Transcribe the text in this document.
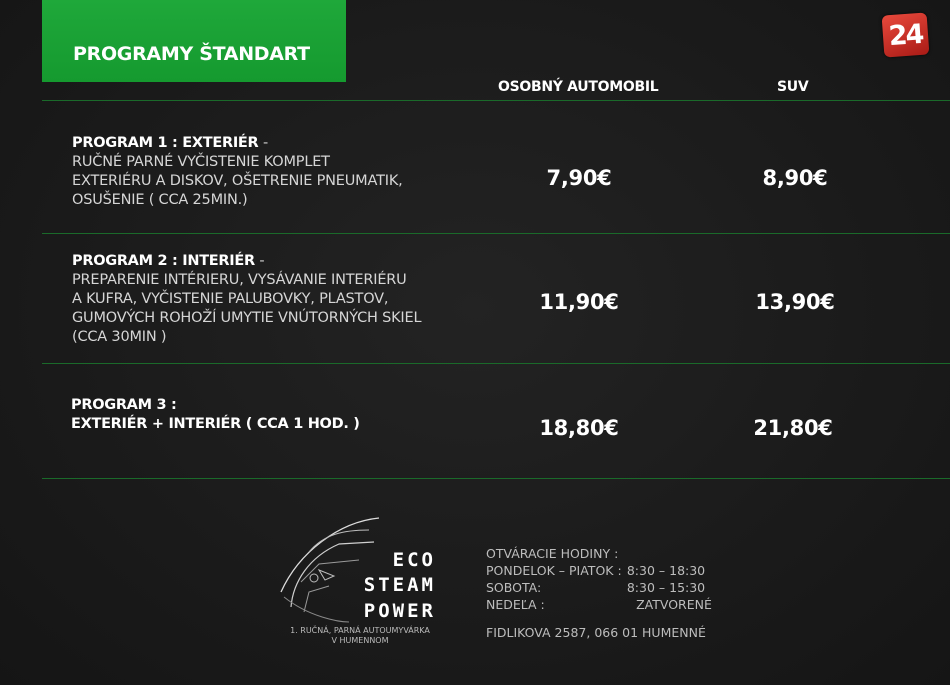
PROGRAMY ŠTANDART
24
OSOBNÝ AUTOMOBIL	SUV
PROGRAM 1 : EXTERIÉR -
RUČNÉ PARNÉ VYČISTENIE KOMPLET
EXTERIÉRU A DISKOV, OŠETRENIE PNEUMATIK,
OSUŠENIE ( CCA 25MIN.)
7,90€	8,90€
PROGRAM 2 : INTERIÉR -
PREPARENIE INTÉRIERU, VYSÁVANIE INTERIÉRU
A KUFRA, VYČISTENIE PALUBOVKY, PLASTOV,
GUMOVÝCH ROHOŽÍ UMYTIE VNÚTORNÝCH SKIEL
(CCA 30MIN )
11,90€	13,90€
PROGRAM 3 :
EXTERIÉR + INTERIÉR ( CCA 1 HOD. )	18,80€	21,80€
ECO
STEAM
POWER
1. RUČNÁ, PARNÁ AUTOUMYVÁRKA
V HUMENNOM
OTVÁRACIE HODINY :
PONDELOK – PIATOK : 8:30 – 18:30
SOBOTA:	8:30 – 15:30
NEDEĽA :	ZATVORENÉ
FIDLIKOVA 2587, 066 01 HUMENNÉ
